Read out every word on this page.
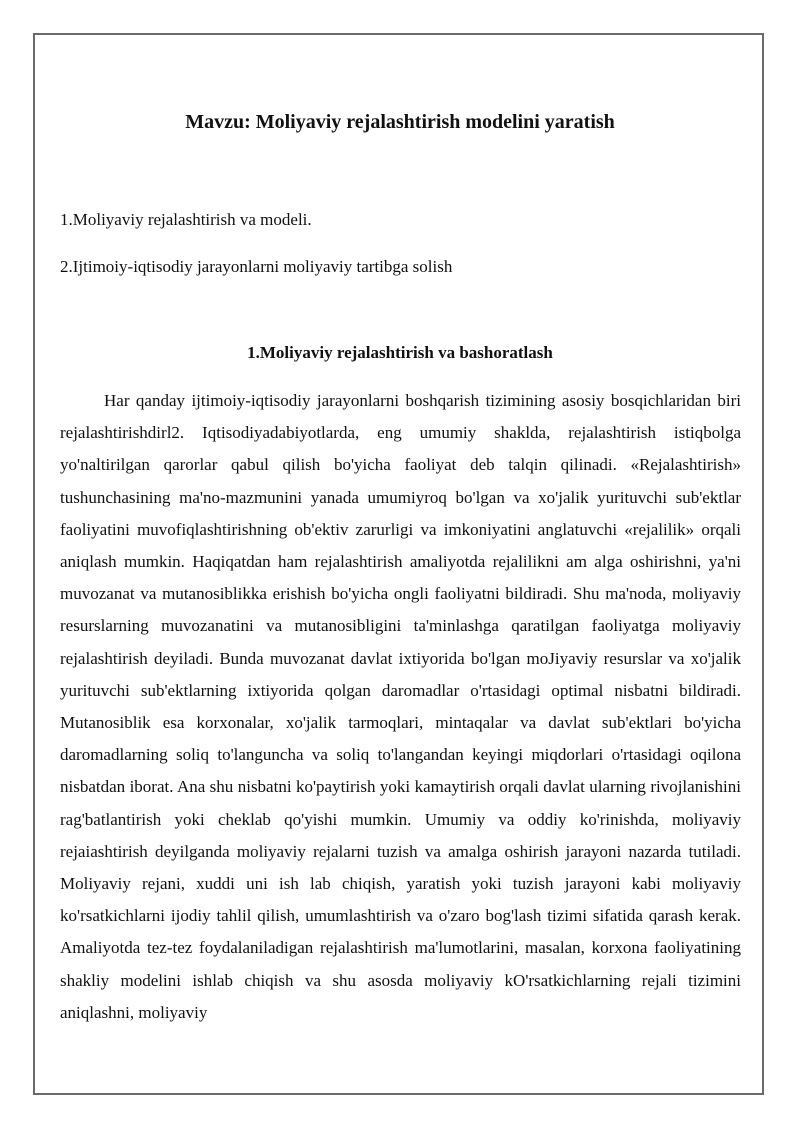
Mavzu: Moliyaviy rejalashtirish modelini yaratish

1.Moliyaviy rejalashtirish va modeli.

2.Ijtimoiy-iqtisodiy jarayonlarni moliyaviy tartibga solish

1.Moliyaviy rejalashtirish va bashoratlash

Har qanday ijtimoiy-iqtisodiy jarayonlarni boshqarish tizimining asosiy bosqichlaridan biri rejalashtirishdirl2. Iqtisodiyadabiyotlarda, eng umumiy shaklda, rejalashtirish istiqbolga yo'naltirilgan qarorlar qabul qilish bo'yicha faoliyat deb talqin qilinadi. «Rejalashtirish» tushunchasining ma'no-mazmunini yanada umumiyroq bo'lgan va xo'jalik yurituvchi sub'ektlar faoliyatini muvofiqlashtirishning ob'ektiv zarurligi va imkoniyatini anglatuvchi «rejalilik» orqali aniqlash mumkin. Haqiqatdan ham rejalashtirish amaliyotda rejalilikni am alga oshirishni, ya'ni muvozanat va mutanosiblikka erishish bo'yicha ongli faoliyatni bildiradi. Shu ma'noda, moliyaviy resurslarning muvozanatini va mutanosibligini ta'minlashga qaratilgan faoliyatga moliyaviy rejalashtirish deyiladi. Bunda muvozanat davlat ixtiyorida bo'lgan moJiyaviy resurslar va xo'jalik yurituvchi sub'ektlarning ixtiyorida qolgan daromadlar o'rtasidagi optimal nisbatni bildiradi. Mutanosiblik esa korxonalar, xo'jalik tarmoqlari, mintaqalar va davlat sub'ektlari bo'yicha daromadlarning soliq to'languncha va soliq to'langandan keyingi miqdorlari o'rtasidagi oqilona nisbatdan iborat. Ana shu nisbatni ko'paytirish yoki kamaytirish orqali davlat ularning rivojlanishini rag'batlantirish yoki cheklab qo'yishi mumkin. Umumiy va oddiy ko'rinishda, moliyaviy rejaiashtirish deyilganda moliyaviy rejalarni tuzish va amalga oshirish jarayoni nazarda tutiladi. Moliyaviy rejani, xuddi uni ish lab chiqish, yaratish yoki tuzish jarayoni kabi moliyaviy ko'rsatkichlarni ijodiy tahlil qilish, umumlashtirish va o'zaro bog'lash tizimi sifatida qarash kerak. Amaliyotda tez-tez foydalaniladigan rejalashtirish ma'lumotlarini, masalan, korxona faoliyatining shakliy modelini ishlab chiqish va shu asosda moliyaviy kO'rsatkichlarning rejali tizimini aniqlashni, moliyaviy
